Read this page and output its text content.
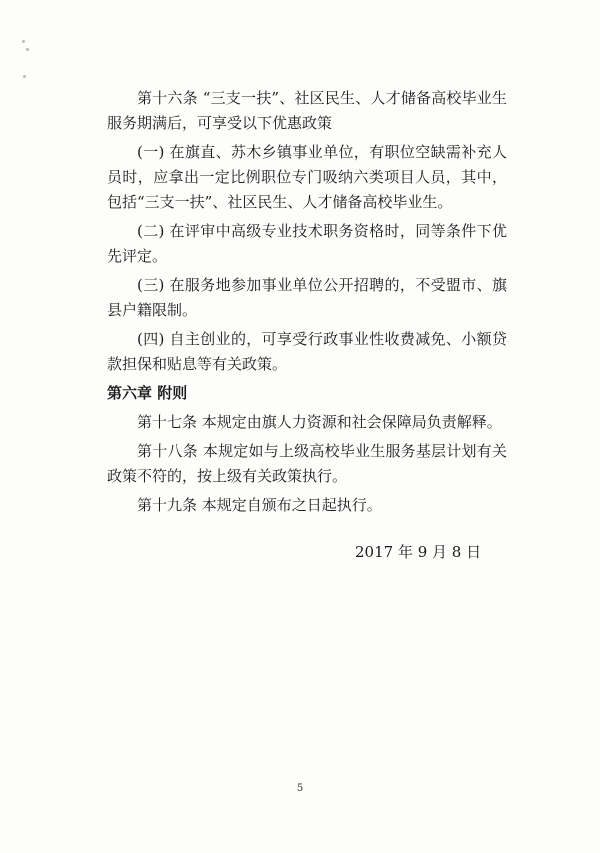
第十六条 “三支一扶”、社区民生、人才储备高校毕业生服务期满后，可享受以下优惠政策

(一) 在旗直、苏木乡镇事业单位，有职位空缺需补充人员时，应拿出一定比例职位专门吸纳六类项目人员，其中，包括“三支一扶”、社区民生、人才储备高校毕业生。

(二) 在评审中高级专业技术职务资格时，同等条件下优先评定。

(三) 在服务地参加事业单位公开招聘的，不受盟市、旗县户籍限制。

(四) 自主创业的，可享受行政事业性收费减免、小额贷款担保和贴息等有关政策。

第六章 附则

第十七条 本规定由旗人力资源和社会保障局负责解释。

第十八条 本规定如与上级高校毕业生服务基层计划有关政策不符的，按上级有关政策执行。

第十九条 本规定自颁布之日起执行。

2017 年 9 月 8 日
5
